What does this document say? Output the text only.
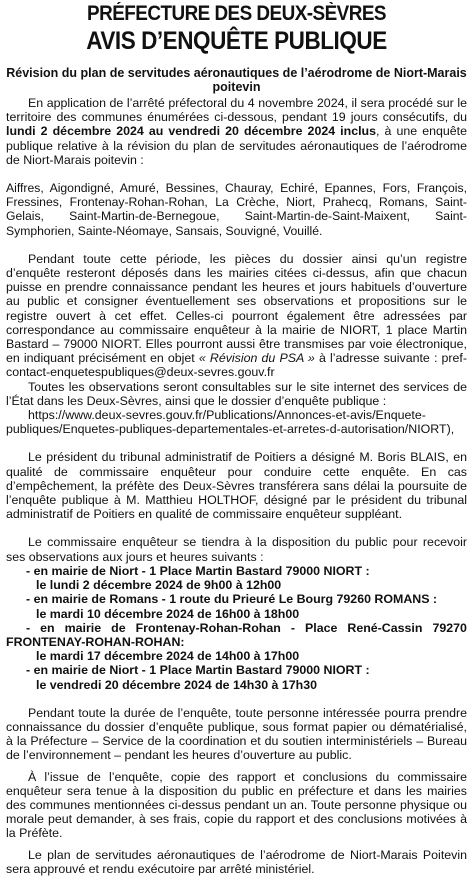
PRÉFECTURE DES DEUX-SÈVRES
AVIS D’ENQUÊTE PUBLIQUE
Révision du plan de servitudes aéronautiques de l’aérodrome de Niort-Marais
poitevin

En application de l’arrêté préfectoral du 4 novembre 2024, il sera procédé sur le territoire des communes énumérées ci-dessous, pendant 19 jours consécutifs, du lundi 2 décembre 2024 au vendredi 20 décembre 2024 inclus, à une enquête publique relative à la révision du plan de servitudes aéronautiques de l’aérodrome de Niort-Marais poitevin :

Aiffres, Aigondigné, Amuré, Bessines, Chauray, Echiré, Epannes, Fors, François, Fressines, Frontenay-Rohan-Rohan, La Crèche, Niort, Prahecq, Romans, Saint-Gelais, Saint-Martin-de-Bernegoue, Saint-Martin-de-Saint-Maixent, Saint-Symphorien, Sainte-Néomaye, Sansais, Souvigné, Vouillé.

Pendant toute cette période, les pièces du dossier ainsi qu’un registre d’enquête resteront déposés dans les mairies citées ci-dessus, afin que chacun puisse en prendre connaissance pendant les heures et jours habituels d’ouverture au public et consigner éventuellement ses observations et propositions sur le registre ouvert à cet effet. Celles-ci pourront également être adressées par correspondance au commissaire enquêteur à la mairie de NIORT, 1 place Martin Bastard – 79000 NIORT. Elles pourront aussi être transmises par voie électronique, en indiquant précisément en objet « Révision du PSA » à l’adresse suivante : pref-contact-enquetespubliques@deux-sevres.gouv.fr

Toutes les observations seront consultables sur le site internet des services de l’État dans les Deux-Sèvres, ainsi que le dossier d’enquête publique :

https://www.deux-sevres.gouv.fr/Publications/Annonces-et-avis/Enquete-publiques/Enquetes-publiques-departementales-et-arretes-d-autorisation/NIORT),

Le président du tribunal administratif de Poitiers a désigné M. Boris BLAIS, en qualité de commissaire enquêteur pour conduire cette enquête. En cas d’empêchement, la préfète des Deux-Sèvres transférera sans délai la poursuite de l’enquête publique à M. Matthieu HOLTHOF, désigné par le président du tribunal administratif de Poitiers en qualité de commissaire enquêteur suppléant.

Le commissaire enquêteur se tiendra à la disposition du public pour recevoir ses observations aux jours et heures suivants :

- en mairie de Niort - 1 Place Martin Bastard 79000 NIORT :
le lundi 2 décembre 2024 de 9h00 à 12h00
- en mairie de Romans - 1 route du Prieuré Le Bourg 79260 ROMANS :
le mardi 10 décembre 2024 de 16h00 à 18h00
- en mairie de Frontenay-Rohan-Rohan - Place René-Cassin 79270
FRONTENAY-ROHAN-ROHAN:
le mardi 17 décembre 2024 de 14h00 à 17h00
- en mairie de Niort - 1 Place Martin Bastard 79000 NIORT :
le vendredi 20 décembre 2024 de 14h30 à 17h30

Pendant toute la durée de l’enquête, toute personne intéressée pourra prendre connaissance du dossier d’enquête publique, sous format papier ou dématérialisé, à la Préfecture – Service de la coordination et du soutien interministériels – Bureau de l’environnement – pendant les heures d’ouverture au public.

À l’issue de l’enquête, copie des rapport et conclusions du commissaire enquêteur sera tenue à la disposition du public en préfecture et dans les mairies des communes mentionnées ci-dessus pendant un an. Toute personne physique ou morale peut demander, à ses frais, copie du rapport et des conclusions motivées à la Préfète.

Le plan de servitudes aéronautiques de l’aérodrome de Niort-Marais Poitevin sera approuvé et rendu exécutoire par arrêté ministériel.
